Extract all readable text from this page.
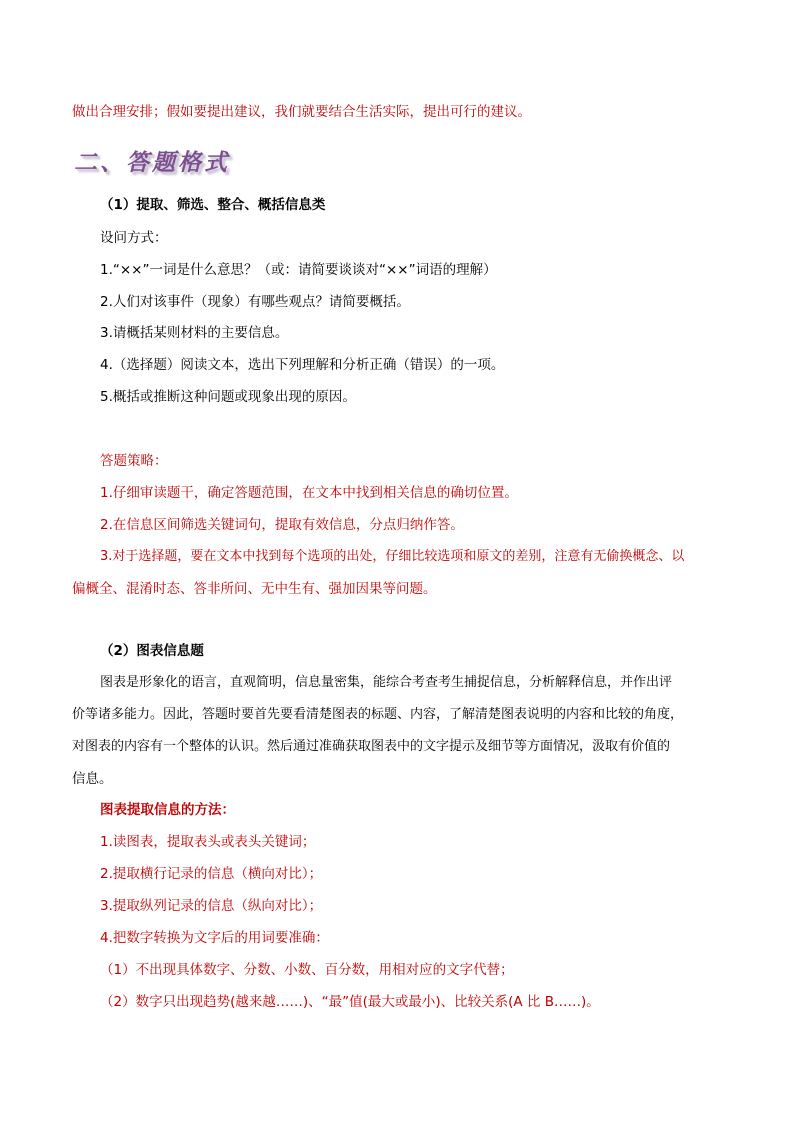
做出合理安排；假如要提出建议，我们就要结合生活实际，提出可行的建议。
二、答题格式
（1）提取、筛选、整合、概括信息类
设问方式：
1.“××”一词是什么意思？（或：请简要谈谈对“××”词语的理解）
2.人们对该事件（现象）有哪些观点？请简要概括。
3.请概括某则材料的主要信息。
4.（选择题）阅读文本，选出下列理解和分析正确（错误）的一项。
5.概括或推断这种问题或现象出现的原因。
答题策略：
1.仔细审读题干，确定答题范围，在文本中找到相关信息的确切位置。
2.在信息区间筛选关键词句，提取有效信息，分点归纳作答。
3.对于选择题，要在文本中找到每个选项的出处，仔细比较选项和原文的差别，注意有无偷换概念、以
偏概全、混淆时态、答非所问、无中生有、强加因果等问题。
（2）图表信息题
图表是形象化的语言，直观简明，信息量密集，能综合考查考生捕捉信息，分析解释信息，并作出评
价等诸多能力。因此，答题时要首先要看清楚图表的标题、内容，了解清楚图表说明的内容和比较的角度，
对图表的内容有一个整体的认识。然后通过准确获取图表中的文字提示及细节等方面情况，汲取有价值的
信息。
图表提取信息的方法：
1.读图表，提取表头或表头关键词；
2.提取横行记录的信息（横向对比）；
3.提取纵列记录的信息（纵向对比）；
4.把数字转换为文字后的用词要准确：
（1）不出现具体数字、分数、小数、百分数，用相对应的文字代替；
（2）数字只出现趋势(越来越……)、“最”值(最大或最小)、比较关系(A 比 B……)。
